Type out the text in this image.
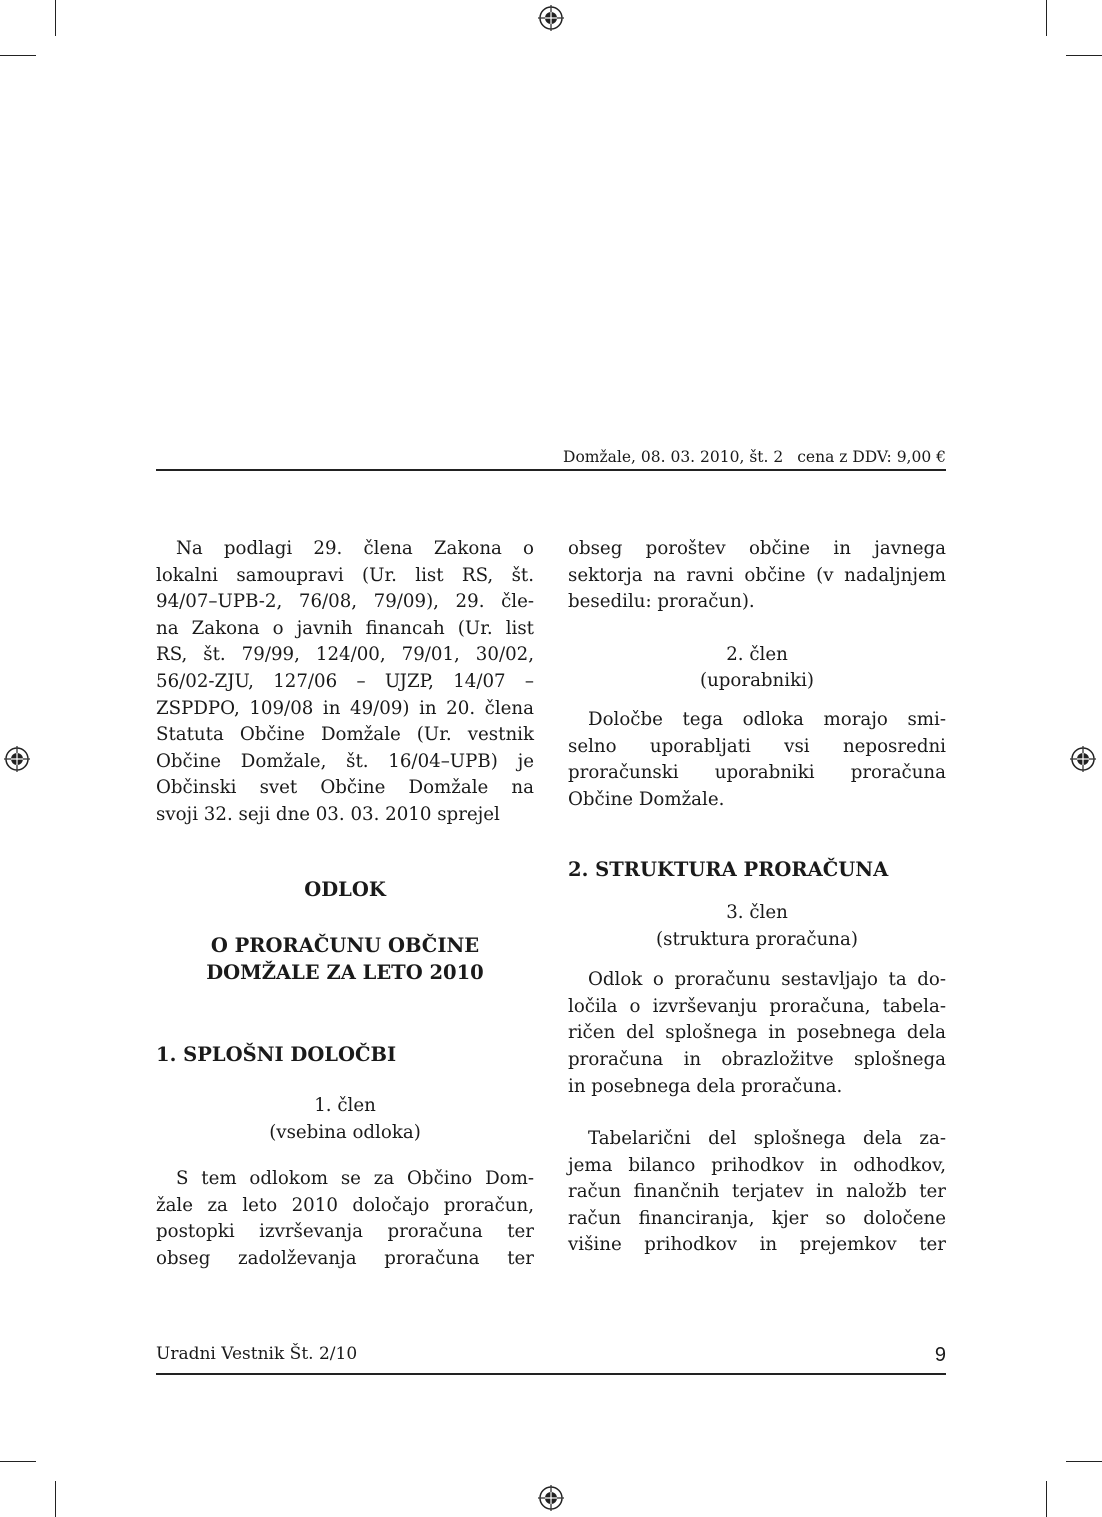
Domžale, 08. 03. 2010, št. 2 cena z DDV: 9,00 €

Na podlagi 29. člena Zakona o

lokalni samoupravi (Ur. list RS, št.

94/07–UPB-2, 76/08, 79/09), 29. čle-

na Zakona o javnih financah (Ur. list

RS, št. 79/99, 124/00, 79/01, 30/02,

56/02-ZJU, 127/06 – UJZP, 14/07 –

ZSPDPO, 109/08 in 49/09) in 20. člena

Statuta Občine Domžale (Ur. vestnik

Občine Domžale, št. 16/04–UPB) je

Občinski svet Občine Domžale na

svoji 32. seji dne 03. 03. 2010 sprejel

ODLOK

O PRORAČUNU OBČINE

DOMŽALE ZA LETO 2010

1. SPLOŠNI DOLOČBI

1. člen

(vsebina odloka)

S tem odlokom se za Občino Dom-

žale za leto 2010 določajo proračun,

postopki izvrševanja proračuna ter

obseg zadolževanja proračuna ter

obseg poroštev občine in javnega

sektorja na ravni občine (v nadaljnjem

besedilu: proračun).

2. člen

(uporabniki)

Določbe tega odloka morajo smi-

selno uporabljati vsi neposredni

proračunski uporabniki proračuna

Občine Domžale.

2. STRUKTURA PRORAČUNA

3. člen

(struktura proračuna)

Odlok o proračunu sestavljajo ta do-

ločila o izvrševanju proračuna, tabela-

ričen del splošnega in posebnega dela

proračuna in obrazložitve splošnega

in posebnega dela proračuna.

Tabelarični del splošnega dela za-

jema bilanco prihodkov in odhodkov,

račun finančnih terjatev in naložb ter

račun financiranja, kjer so določene

višine prihodkov in prejemkov ter

Uradni Vestnik Št. 2/10	9
